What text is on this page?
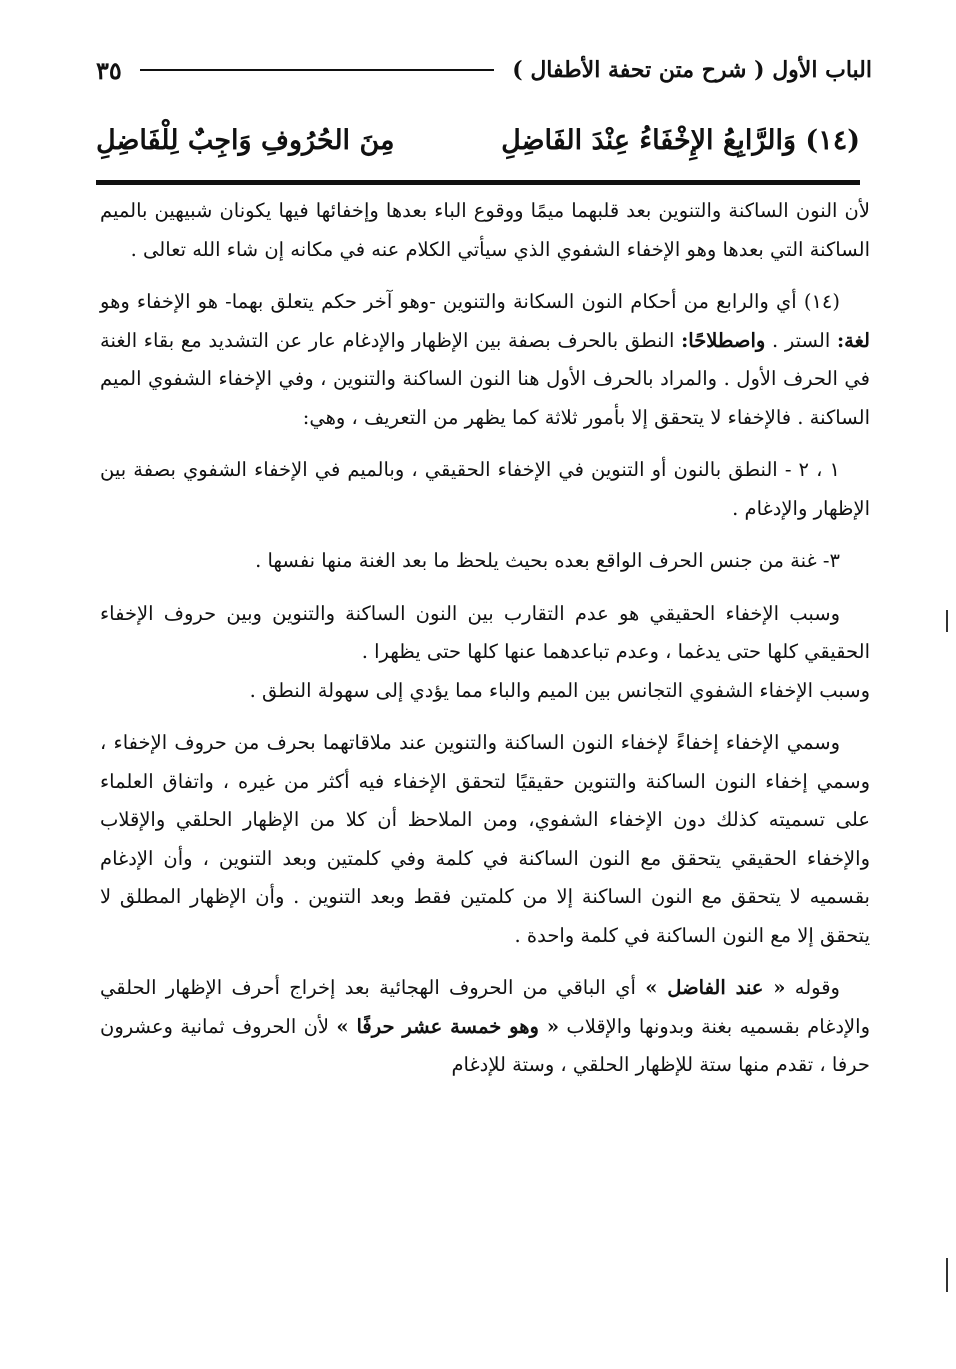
الباب الأول ( شرح متن تحفة الأطفال )
٣٥
(١٤) وَالرَّابِعُ الإِخْفَاءُ عِنْدَ الفَاضِلِ
مِنَ الحُرُوفِ وَاجِبٌ لِلْفَاضِلِ

لأن النون الساكنة والتنوين بعد قلبهما ميمًا ووقوع الباء بعدها وإخفائها فيها يكونان شبيهين بالميم الساكنة التي بعدها وهو الإخفاء الشفوي الذي سيأتي الكلام عنه في مكانه إن شاء الله تعالى .

(١٤) أي والرابع من أحكام النون السكانة والتنوين -وهو آخر حكم يتعلق بهما- هو الإخفاء وهو لغة: الستر . واصطلاحًا: النطق بالحرف بصفة بين الإظهار والإدغام عار عن التشديد مع بقاء الغنة في الحرف الأول . والمراد بالحرف الأول هنا النون الساكنة والتنوين ، وفي الإخفاء الشفوي الميم الساكنة . فالإخفاء لا يتحقق إلا بأمور ثلاثة كما يظهر من التعريف ، وهي:

١ ، ٢ - النطق بالنون أو التنوين في الإخفاء الحقيقي ، وبالميم في الإخفاء الشفوي بصفة بين الإظهار والإدغام .

٣- غنة من جنس الحرف الواقع بعده بحيث يلحظ ما بعد الغنة منها نفسها .

وسبب الإخفاء الحقيقي هو عدم التقارب بين النون الساكنة والتنوين وبين حروف الإخفاء الحقيقي كلها حتى يدغما ، وعدم تباعدهما عنها كلها حتى يظهرا .

وسبب الإخفاء الشفوي التجانس بين الميم والباء مما يؤدي إلى سهولة النطق .

وسمي الإخفاء إخفاءً لإخفاء النون الساكنة والتنوين عند ملاقاتهما بحرف من حروف الإخفاء ، وسمي إخفاء النون الساكنة والتنوين حقيقيًا لتحقق الإخفاء فيه أكثر من غيره ، واتفاق العلماء على تسميته كذلك دون الإخفاء الشفوي، ومن الملاحظ أن كلا من الإظهار الحلقي والإقلاب والإخفاء الحقيقي يتحقق مع النون الساكنة في كلمة وفي كلمتين وبعد التنوين ، وأن الإدغام بقسميه لا يتحقق مع النون الساكنة إلا من كلمتين فقط وبعد التنوين . وأن الإظهار المطلق لا يتحقق إلا مع النون الساكنة في كلمة واحدة .

وقوله « عند الفاضل » أي الباقي من الحروف الهجائية بعد إخراج أحرف الإظهار الحلقي والإدغام بقسميه بغنة وبدونها والإقلاب « وهو خمسة عشر حرفًا » لأن الحروف ثمانية وعشرون حرفا ، تقدم منها ستة للإظهار الحلقي ، وستة للإدغام
